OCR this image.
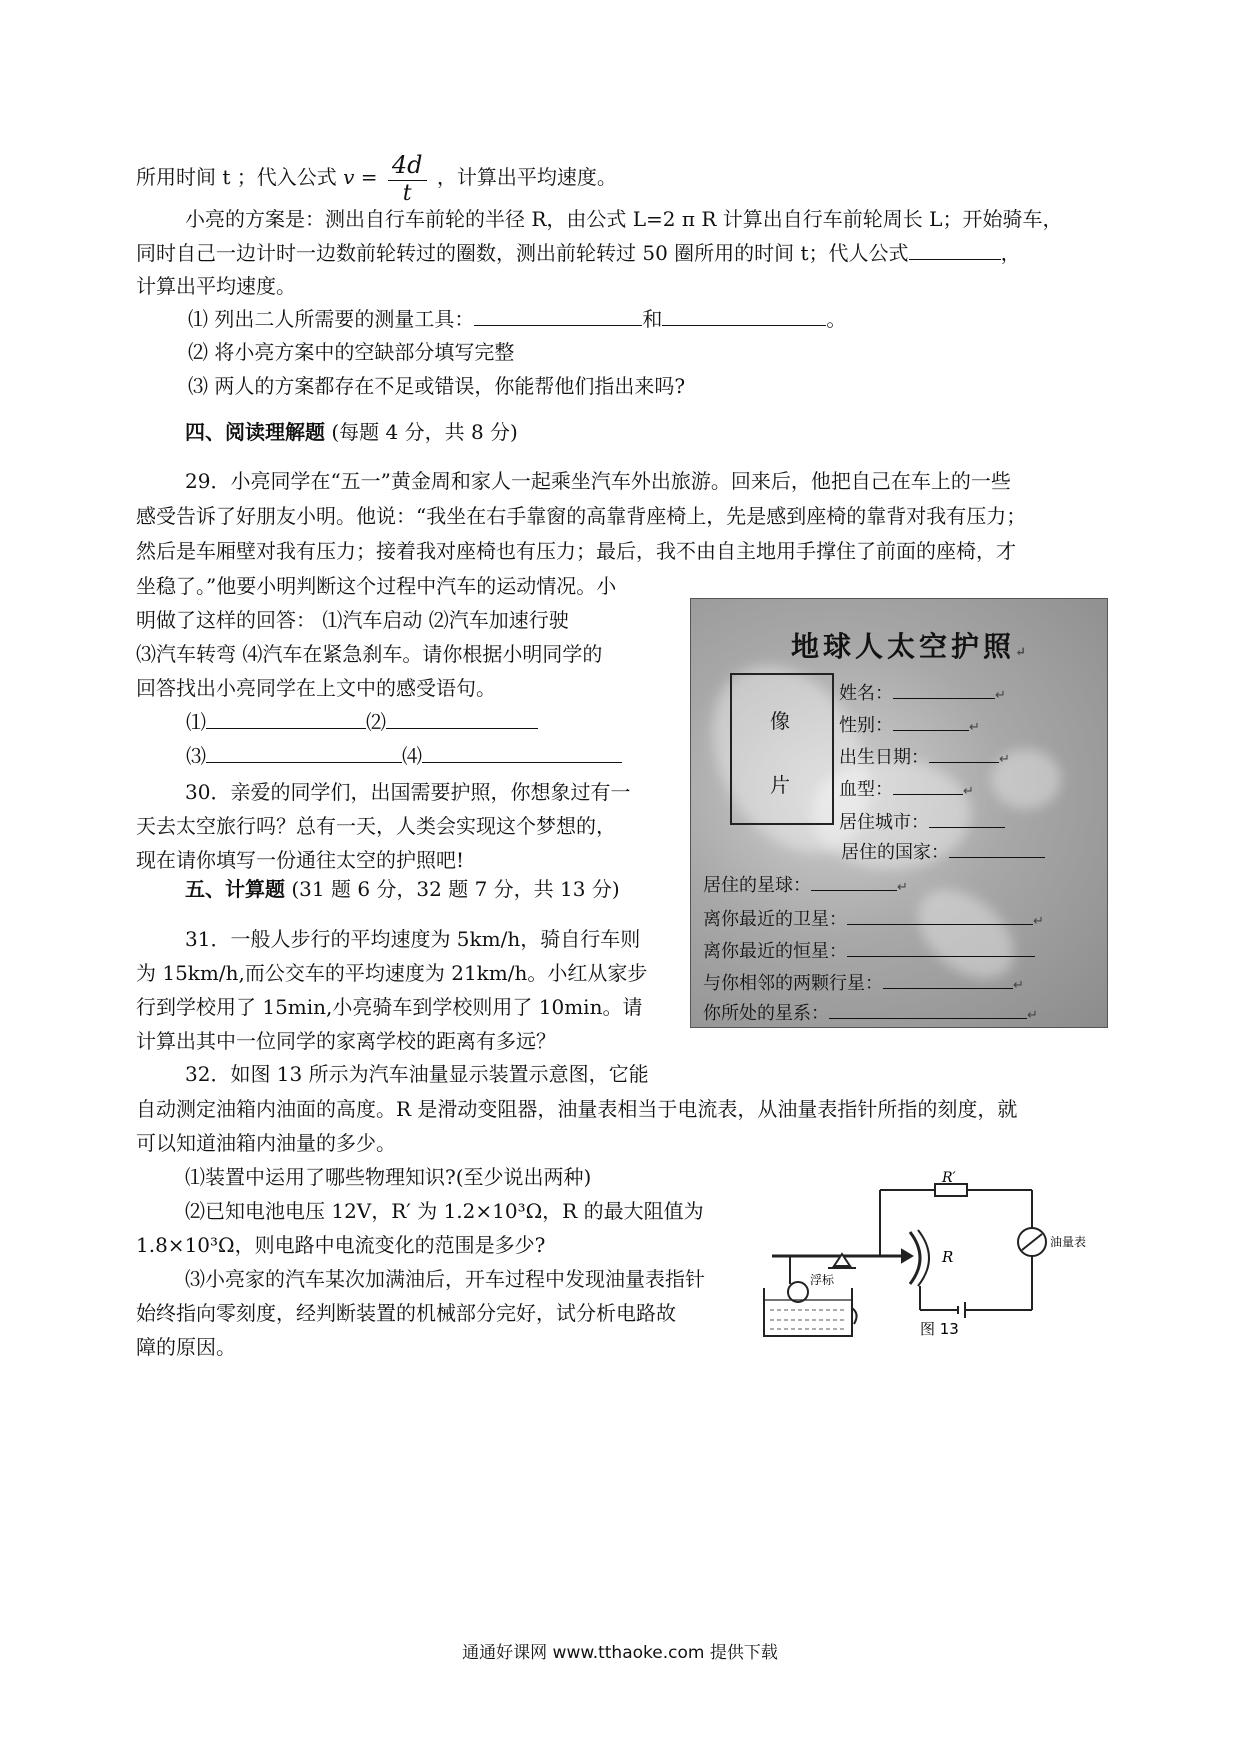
所用时间 t ；代入公式 $v = \frac{4d}{t}$ ，计算出平均速度。
小亮的方案是：测出自行车前轮的半径 R，由公式 L=2 π R 计算出自行车前轮周长 L；开始骑车，
同时自己一边计时一边数前轮转过的圈数，测出前轮转过 50 圈所用的时间 t；代人公式	，
计算出平均速度。
⑴ 列出二人所需要的测量工具：	和	。
⑵ 将小亮方案中的空缺部分填写完整
⑶ 两人的方案都存在不足或错误，你能帮他们指出来吗?
四、阅读理解题 (每题 4 分，共 8 分)
29．小亮同学在“五一”黄金周和家人一起乘坐汽车外出旅游。回来后，他把自己在车上的一些
感受告诉了好朋友小明。他说：“我坐在右手靠窗的高靠背座椅上，先是感到座椅的靠背对我有压力；
然后是车厢壁对我有压力；接着我对座椅也有压力；最后，我不由自主地用手撑住了前面的座椅，才
坐稳了。”他要小明判断这个过程中汽车的运动情况。小
明做了这样的回答： ⑴汽车启动 ⑵汽车加速行驶
⑶汽车转弯 ⑷汽车在紧急刹车。请你根据小明同学的
回答找出小亮同学在上文中的感受语句。
⑴	⑵
⑶	⑷
30．亲爱的同学们，出国需要护照，你想象过有一
天去太空旅行吗？总有一天，人类会实现这个梦想的，
现在请你填写一份通往太空的护照吧!
地球人太空护照↵
像
片
姓名：	↵
性别：	↵
出生日期：	↵
血型：	↵
居住城市：
居住的国家：
居住的星球：	↵
离你最近的卫星：	↵
离你最近的恒星：
与你相邻的两颗行星：	↵
你所处的星系：	↵
五、计算题 (31 题 6 分，32 题 7 分，共 13 分)
31．一般人步行的平均速度为 5km/h，骑自行车则
为 15km/h,而公交车的平均速度为 21km/h。小红从家步
行到学校用了 15min,小亮骑车到学校则用了 10min。请
计算出其中一位同学的家离学校的距离有多远？
32．如图 13 所示为汽车油量显示装置示意图，它能
自动测定油箱内油面的高度。R 是滑动变阻器，油量表相当于电流表，从油量表指针所指的刻度，就
可以知道油箱内油量的多少。
⑴装置中运用了哪些物理知识?(至少说出两种)
⑵已知电池电压 12V，R′ 为 1.2×10³Ω，R 的最大阻值为
1.8×10³Ω，则电路中电流变化的范围是多少?
⑶小亮家的汽车某次加满油后，开车过程中发现油量表指针
始终指向零刻度，经判断装置的机械部分完好，试分析电路故
障的原因。
R′
R
油量表
浮标
图 13
通通好课网 www.tthaoke.com 提供下载
